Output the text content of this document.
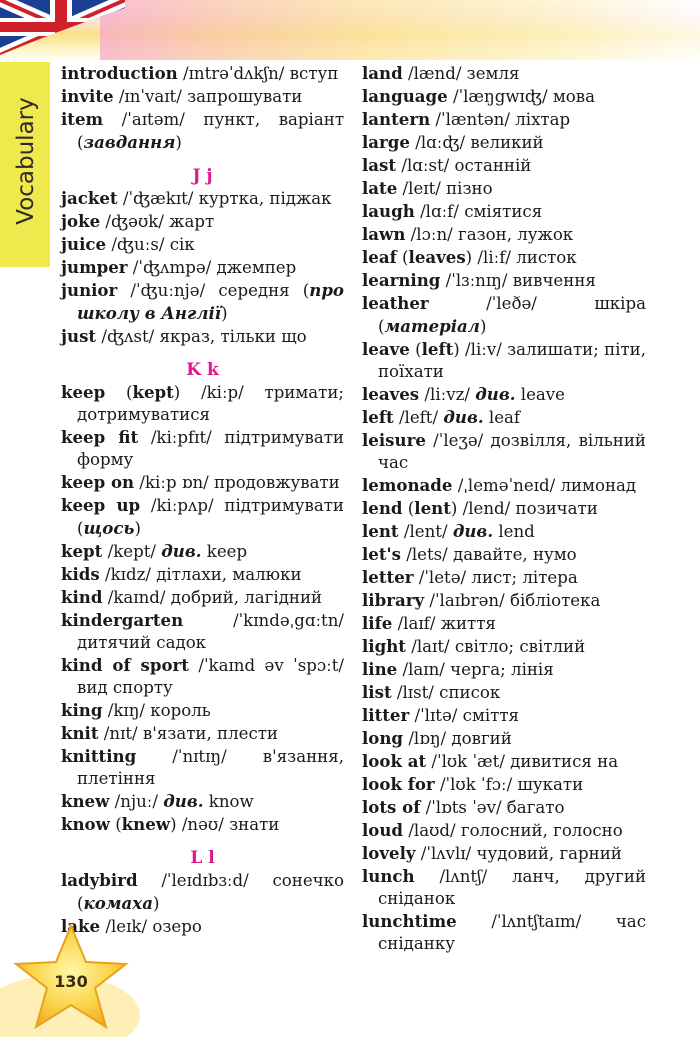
Vocabulary
introduction /ɪntrəˈdʌkʃn/ вступ
invite /ɪnˈvaɪt/ запрошувати
item /ˈaɪtəm/ пункт, варіант (завдання)
J j
jacket /ˈʤækɪt/ куртка, піджак
joke /ʤəʊk/ жарт
juice /ʤuːs/ сік
jumper /ˈʤʌmpə/ джемпер
junior /ˈʤuːnjə/ середня (про школу в Англії)
just /ʤʌst/ якраз, тільки що
K k
keep (kept) /kiːp/ тримати; дотримуватися
keep fit /kiːpfɪt/ підтримувати форму
keep on /kiːp ɒn/ продовжувати
keep up /kiːpʌp/ підтримувати (щось)
kept /kept/ див. keep
kids /kɪdz/ дітлахи, малюки
kind /kaɪnd/ добрий, лагідний
kindergarten /ˈkɪndəˌgɑːtn/ дитячий садок
kind of sport /ˈkaɪnd əv ˈspɔːt/ вид спорту
king /kɪŋ/ король
knit /nɪt/ в'язати, плести
knitting /ˈnɪtɪŋ/ в'язання, плетіння
knew /njuː/ див. know
know (knew) /nəʊ/ знати
L l
ladybird /ˈleɪdɪbɜːd/ сонечко (комаха)
lake /leɪk/ озеро
land /lænd/ земля
language /ˈlæŋgwɪʤ/ мова
lantern /ˈlæntən/ ліхтар
large /lɑːʤ/ великий
last /lɑːst/ останній
late /leɪt/ пізно
laugh /lɑːf/ сміятися
lawn /lɔːn/ газон, лужок
leaf (leaves) /liːf/ листок
learning /ˈlɜːnɪŋ/ вивчення
leather /ˈleðə/ шкіра (матеріал)
leave (left) /liːv/ залишати; піти, поїхати
leaves /liːvz/ див. leave
left /left/ див. leaf
leisure /ˈleʒə/ дозвілля, вільний час
lemonade /ˌleməˈneɪd/ лимонад
lend (lent) /lend/ позичати
lent /lent/ див. lend
let's /lets/ давайте, нумо
letter /ˈletə/ лист; літера
library /ˈlaɪbrən/ бібліотека
life /laɪf/ життя
light /laɪt/ світло; світлий
line /laɪn/ черга; лінія
list /lɪst/ список
litter /ˈlɪtə/ сміття
long /lɒŋ/ довгий
look at /ˈlʊk ˈæt/ дивитися на
look for /ˈlʊk ˈfɔː/ шукати
lots of /ˈlɒts ˈəv/ багато
loud /laʊd/ голосний, голосно
lovely /ˈlʌvlɪ/ чудовий, гарний
lunch /lʌntʃ/ ланч, другий сніданок
lunchtime /ˈlʌntʃtaɪm/ час сніданку
130
